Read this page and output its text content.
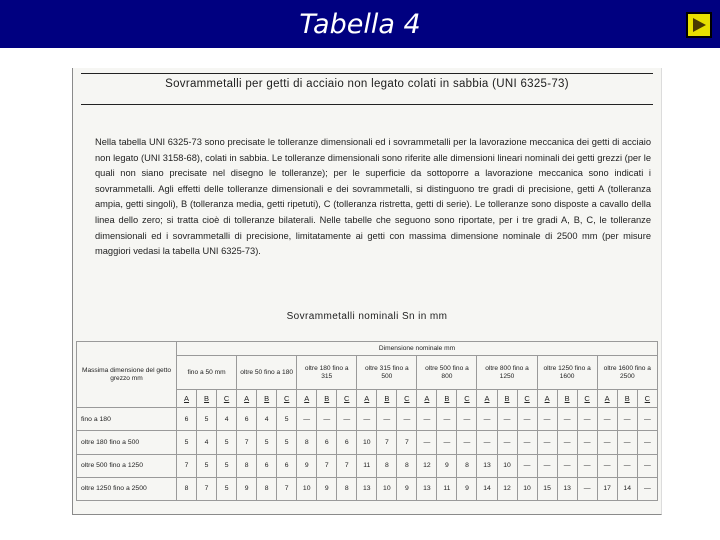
Tabella 4
Sovrammetalli per getti di acciaio non legato colati in sabbia (UNI 6325-73)
Nella tabella UNI 6325-73 sono precisate le tolleranze dimensionali ed i sovrammetalli per la lavorazione meccanica dei getti di acciaio non legato (UNI 3158-68), colati in sabbia. Le tolleranze dimensionali sono riferite alle dimensioni lineari nominali dei getti grezzi (per le quali non siano precisate nel disegno le tolleranze); per le superficie da sottoporre a lavorazione meccanica sono indicati i sovrammetalli. Agli effetti delle tolleranze dimensionali e dei sovrammetalli, si distinguono tre gradi di precisione, getti A (tolleranza ampia, getti singoli), B (tolleranza media, getti ripetuti), C (tolleranza ristretta, getti di serie). Le tolleranze sono disposte a cavallo della linea dello zero; si tratta cioè di tolleranze bilaterali. Nelle tabelle che seguono sono riportate, per i tre gradi A, B, C, le tolleranze dimensionali ed i sovrammetalli di precisione, limitatamente ai getti con massima dimensione nominale di 2500 mm (per misure maggiori vedasi la tabella UNI 6325-73).
Sovrammetalli nominali Sn in mm
Massima dimensione del getto grezzo mm	Dimensione nominale mm																							
	fino a 50 mm			oltre 50 fino a 180			oltre 180 fino a 315			oltre 315 fino a 500			oltre 500 fino a 800			oltre 800 fino a 1250			oltre 1250 fino a 1600			oltre 1600 fino a 2500		
	A	B	C	A	B	C	A	B	C	A	B	C	A	B	C	A	B	C	A	B	C	A	B	C
fino a 180	6	5	4	6	4	5	—	—	—	—	—	—	—	—	—	—	—	—	—	—	—	—	—	—
oltre 180 fino a 500	5	4	5	7	5	5	8	6	6	10	7	7	—	—	—	—	—	—	—	—	—	—	—	—
oltre 500 fino a 1250	7	5	5	8	6	6	9	7	7	11	8	8	12	9	8	13	10	—	—	—	—	—	—	—
oltre 1250 fino a 2500	8	7	5	9	8	7	10	9	8	13	10	9	13	11	9	14	12	10	15	13	—	17	14	—
